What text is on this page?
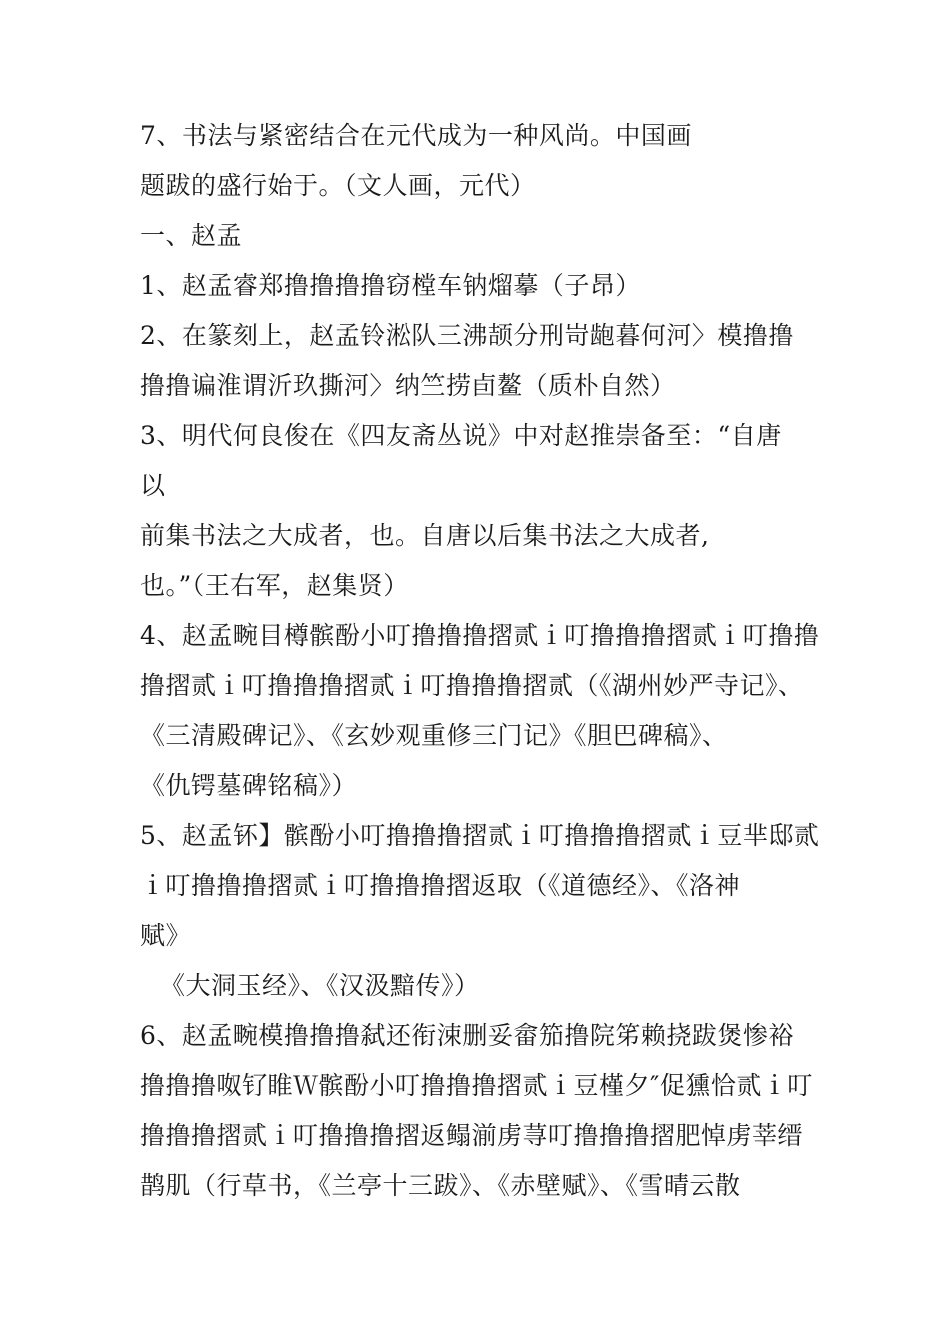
7、书法与紧密结合在元代成为一种风尚。中国画
题跋的盛行始于。（文人画，元代）
一、赵孟
1、赵孟睿郑撸撸撸撸窃樘车钠熘摹（子昂）
2、在篆刻上，赵孟铃淞队三沸颉分刑岢龅暮何河〉模撸撸
撸撸谝淮谓沂玖撕河〉纳竺捞卣鳌（质朴自然）
3、明代何良俊在《四友斋丛说》中对赵推崇备至：“自唐
以
前集书法之大成者，也。自唐以后集书法之大成者,
也。”（王右军，赵集贤）
4、赵孟畹目樽髌酚小叮撸撸撸摺贰ｉ叮撸撸撸摺贰ｉ叮撸撸
撸摺贰ｉ叮撸撸撸摺贰ｉ叮撸撸撸摺贰（《湖州妙严寺记》、
《三清殿碑记》、《玄妙观重修三门记》《胆巴碑稿》、
《仇锷墓碑铭稿》）
5、赵孟钚】髌酚小叮撸撸撸摺贰ｉ叮撸撸撸摺贰ｉ豆芈邸贰
ｉ叮撸撸撸摺贰ｉ叮撸撸撸摺返取（《道德经》、《洛神
赋》
《大洞玉经》、《汉汲黯传》）
6、赵孟畹模撸撸撸弑还衔涑删妥畲笳撸院笫赖挠跋煲惨裕
撸撸撸呶钌睢Ｗ髌酚小叮撸撸撸摺贰ｉ豆槿夕″促獯恰贰ｉ叮
撸撸撸摺贰ｉ叮撸撸撸摺返鳎湔虏荨叮撸撸撸摺肥悼虏莘缙
鹊肌（行草书，《兰亭十三跋》、《赤壁赋》、《雪晴云散
